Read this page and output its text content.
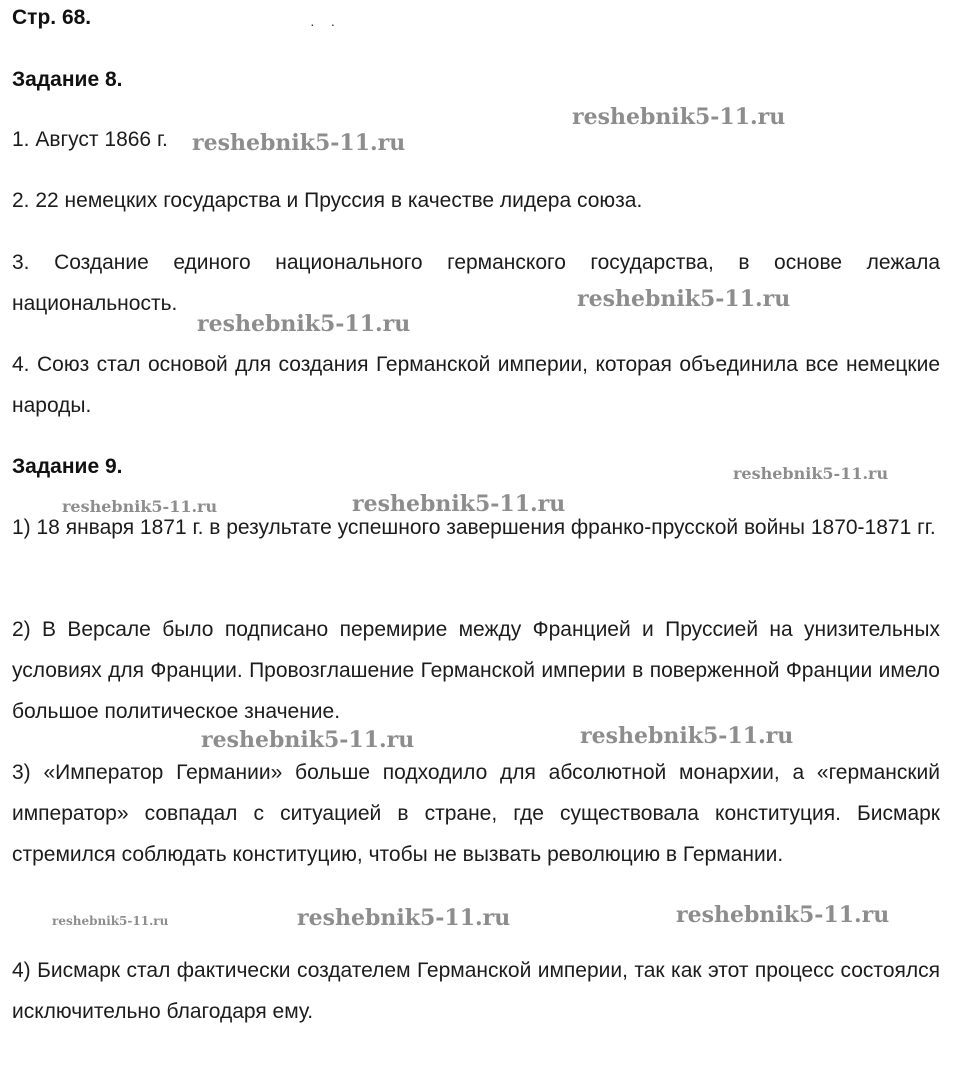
Стр. 68.	· ·
Задание 8.

1. Август 1866 г.

2. 22 немецких государства и Пруссия в качестве лидера союза.

3. Создание единого национального германского государства, в основе лежала национальность.

4. Союз стал основой для создания Германской империи, которая объединила все немецкие народы.

Задание 9.

1) 18 января 1871 г. в результате успешного завершения франко-прусской войны 1870-1871 гг.

2) В Версале было подписано перемирие между Францией и Пруссией на унизительных условиях для Франции. Провозглашение Германской империи в поверженной Франции имело большое политическое значение.

3) «Император Германии» больше подходило для абсолютной монархии, а «германский император» совпадал с ситуацией в стране, где существовала конституция. Бисмарк стремился соблюдать конституцию, чтобы не вызвать революцию в Германии.

4) Бисмарк стал фактически создателем Германской империи, так как этот процесс состоялся исключительно благодаря ему.

reshebnik5-11.ru
reshebnik5-11.ru
reshebnik5-11.ru
reshebnik5-11.ru
reshebnik5-11.ru
reshebnik5-11.ru	reshebnik5-11.ru
reshebnik5-11.ru	reshebnik5-11.ru
reshebnik5-11.ru	reshebnik5-11.ru	reshebnik5-11.ru
